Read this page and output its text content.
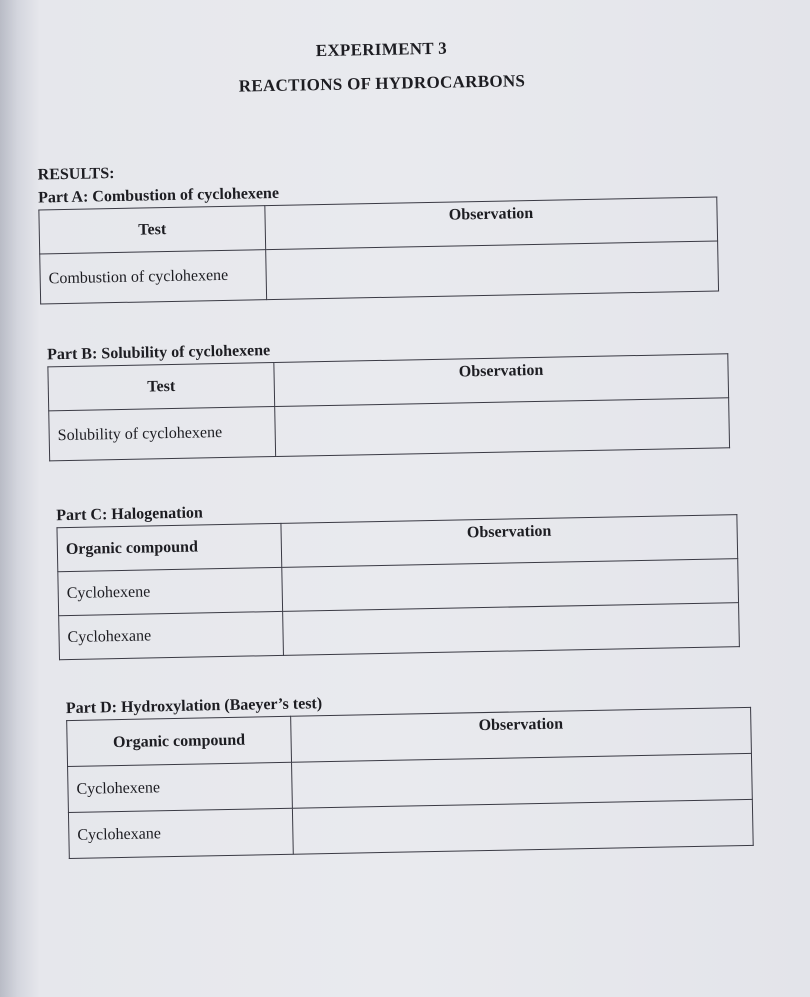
EXPERIMENT 3
REACTIONS OF HYDROCARBONS
RESULTS:
Part A: Combustion of cyclohexene
Test	Observation
Combustion of cyclohexene	
Part B: Solubility of cyclohexene
Test	Observation
Solubility of cyclohexene	
Part C: Halogenation
Organic compound	Observation
Cyclohexene	
Cyclohexane	
Part D: Hydroxylation (Baeyer’s test)
Organic compound	Observation
Cyclohexene	
Cyclohexane	
